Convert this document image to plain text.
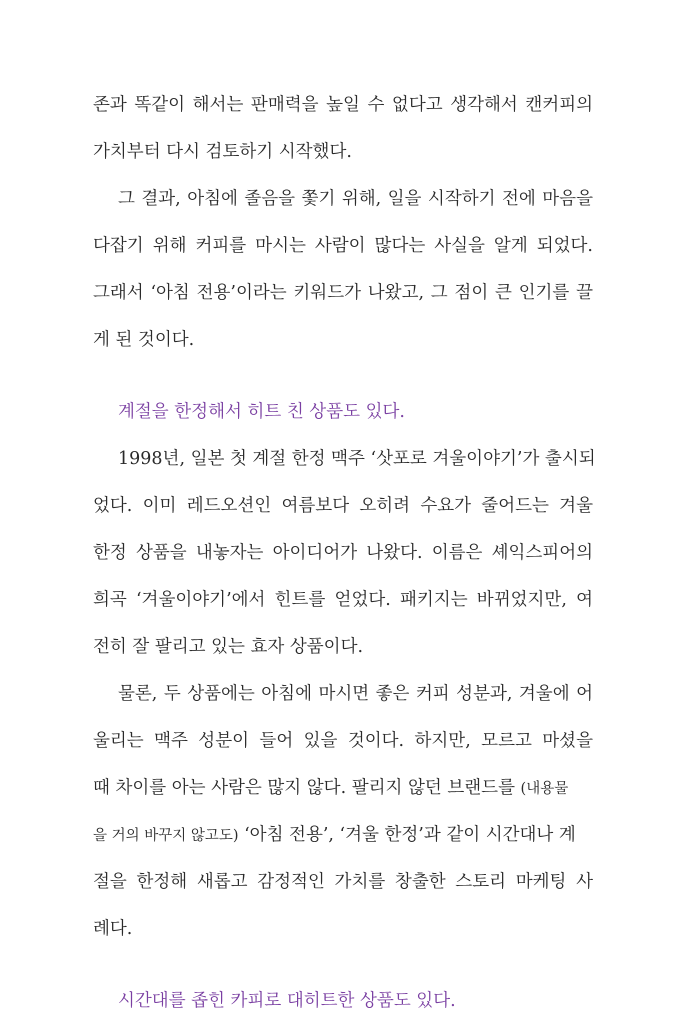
존과 똑같이 해서는 판매력을 높일 수 없다고 생각해서 캔커피의
가치부터 다시 검토하기 시작했다.
그 결과, 아침에 졸음을 쫓기 위해, 일을 시작하기 전에 마음을
다잡기 위해 커피를 마시는 사람이 많다는 사실을 알게 되었다.
그래서 ‘아침 전용’이라는 키워드가 나왔고, 그 점이 큰 인기를 끌
게 된 것이다.
계절을 한정해서 히트 친 상품도 있다.
1998년, 일본 첫 계절 한정 맥주 ‘삿포로 겨울이야기’가 출시되
었다. 이미 레드오션인 여름보다 오히려 수요가 줄어드는 겨울
한정 상품을 내놓자는 아이디어가 나왔다. 이름은 셰익스피어의
희곡 ‘겨울이야기’에서 힌트를 얻었다. 패키지는 바뀌었지만, 여
전히 잘 팔리고 있는 효자 상품이다.
물론, 두 상품에는 아침에 마시면 좋은 커피 성분과, 겨울에 어
울리는 맥주 성분이 들어 있을 것이다. 하지만, 모르고 마셨을
때 차이를 아는 사람은 많지 않다. 팔리지 않던 브랜드를 (내용물
을 거의 바꾸지 않고도) ‘아침 전용’, ‘겨울 한정’과 같이 시간대나 계
절을 한정해 새롭고 감정적인 가치를 창출한 스토리 마케팅 사
례다.
시간대를 좁힌 카피로 대히트한 상품도 있다.
